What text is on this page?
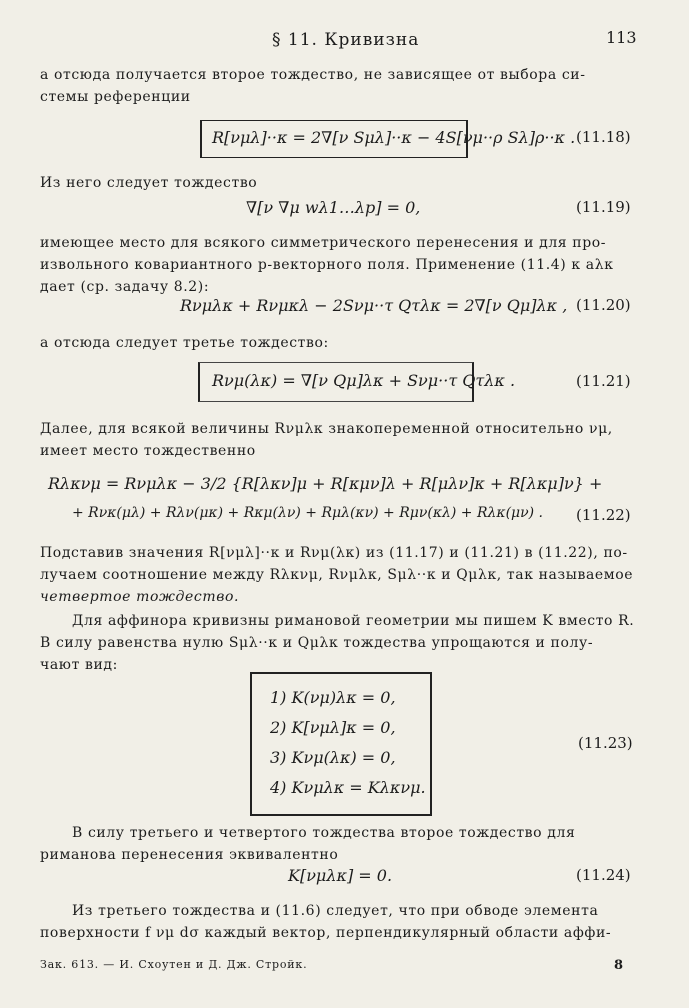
§ 11. Кривизна	113

а отсюда получается второе тождество, не зависящее от выбора си-

стемы референции

R[νμλ]··κ = 2∇[ν Sμλ]··κ − 4S[νμ··ρ Sλ]ρ··κ . (11.18)

Из него следует тождество

∇[ν ∇μ wλ1…λp] = 0,	(11.19)

имеющее место для всякого симметрического перенесения и для про-

извольного ковариантного p-векторного поля. Применение (11.4) к aλκ

дает (ср. задачу 8.2):

Rνμλκ + Rνμκλ − 2Sνμ··τ Qτλκ = 2∇[ν Qμ]λκ , (11.20)

а отсюда следует третье тождество:

Rνμ(λκ) = ∇[ν Qμ]λκ + Sνμ··τ Qτλκ .	(11.21)

Далее, для всякой величины Rνμλκ знакопеременной относительно νμ,

имеет место тождественно

Rλκνμ = Rνμλκ − 3/2 {R[λκν]μ + R[κμν]λ + R[μλν]κ + R[λκμ]ν} +
+ Rνκ(μλ) + Rλν(μκ) + Rκμ(λν) + Rμλ(κν) + Rμν(κλ) + Rλκ(μν) . (11.22)

Подставив значения R[νμλ]··κ и Rνμ(λκ) из (11.17) и (11.21) в (11.22), по-

лучаем соотношение между Rλκνμ, Rνμλκ, Sμλ··κ и Qμλκ, так называемое

четвертое тождество.

Для аффинора кривизны римановой геометрии мы пишем K вместо R.

В силу равенства нулю Sμλ··κ и Qμλκ тождества упрощаются и полу-

чают вид:

1) K(νμ)λκ = 0,
2) K[νμλ]κ = 0,
3) Kνμ(λκ) = 0,
4) Kνμλκ = Kλκνμ.
(11.23)

В силу третьего и четвертого тождества второе тождество для

риманова перенесения эквивалентно

K[νμλκ] = 0.	(11.24)

Из третьего тождества и (11.6) следует, что при обводе элемента

поверхности f νμ dσ каждый вектор, перпендикулярный области аффи-

Зак. 613. — И. Схоутен и Д. Дж. Стройк.	8
